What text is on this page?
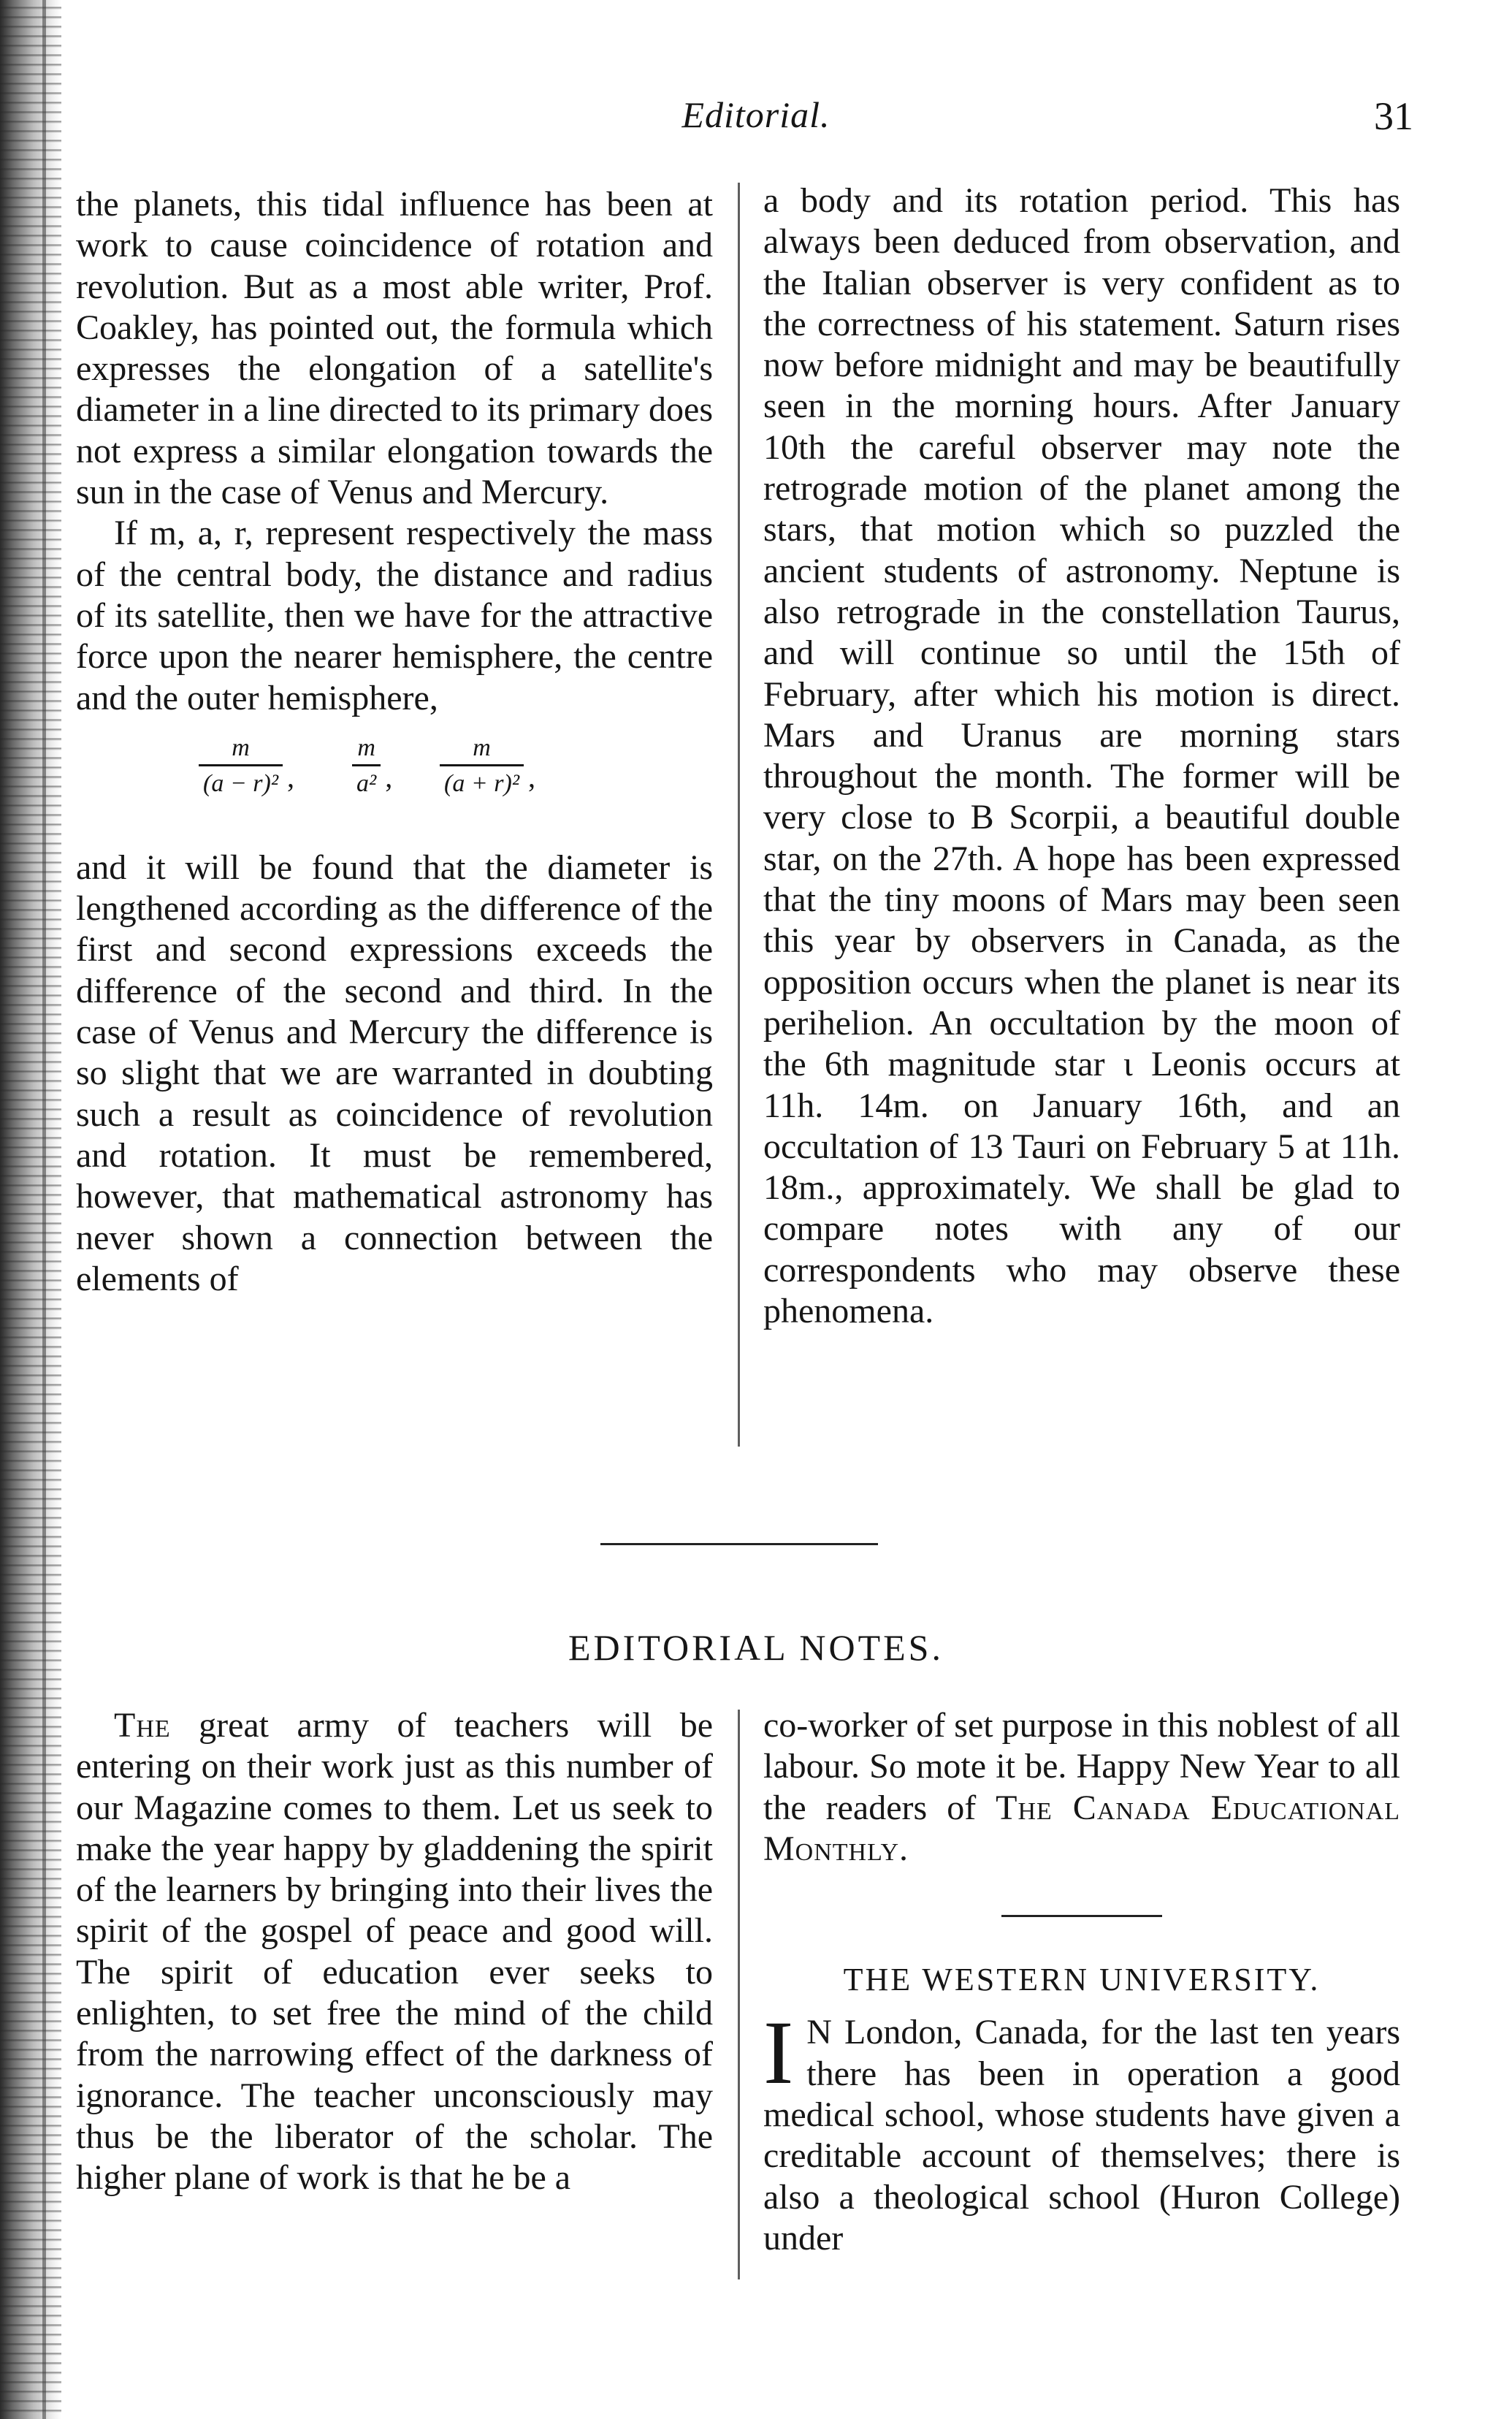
Editorial.	31

the planets, this tidal influence has been at work to cause coincidence of rotation and revolution. But as a most able writer, Prof. Coakley, has pointed out, the formula which expresses the elongation of a satellite's diameter in a line directed to its primary does not express a similar elongation towards the sun in the case of Venus and Mercury.

If m, a, r, represent respectively the mass of the central body, the distance and radius of its satellite, then we have for the attractive force upon the nearer hemisphere, the centre and the outer hemisphere,

m
(a − r)² ,
m
a² ,
m
(a + r)² ,

and it will be found that the diameter is lengthened according as the difference of the first and second expressions exceeds the difference of the second and third. In the case of Venus and Mercury the difference is so slight that we are warranted in doubting such a result as coincidence of revolution and rotation. It must be remembered, however, that mathematical astronomy has never shown a connection between the elements of

a body and its rotation period. This has always been deduced from observation, and the Italian observer is very confident as to the correctness of his statement. Saturn rises now before midnight and may be beautifully seen in the morning hours. After January 10th the careful observer may note the retrograde motion of the planet among the stars, that motion which so puzzled the ancient students of astronomy. Neptune is also retrograde in the constellation Taurus, and will continue so until the 15th of February, after which his motion is direct. Mars and Uranus are morning stars throughout the month. The former will be very close to B Scorpii, a beautiful double star, on the 27th. A hope has been expressed that the tiny moons of Mars may been seen this year by observers in Canada, as the opposition occurs when the planet is near its perihelion. An occultation by the moon of the 6th magnitude star ι Leonis occurs at 11h. 14m. on January 16th, and an occultation of 13 Tauri on February 5 at 11h. 18m., approximately. We shall be glad to compare notes with any of our correspondents who may observe these phenomena.

EDITORIAL NOTES.

The great army of teachers will be entering on their work just as this number of our Magazine comes to them. Let us seek to make the year happy by gladdening the spirit of the learners by bringing into their lives the spirit of the gospel of peace and good will. The spirit of education ever seeks to enlighten, to set free the mind of the child from the narrowing effect of the darkness of ignorance. The teacher unconsciously may thus be the liberator of the scholar. The higher plane of work is that he be a

co-worker of set purpose in this noblest of all labour. So mote it be. Happy New Year to all the readers of The Canada Educational Monthly.

THE WESTERN UNIVERSITY.

I N London, Canada, for the last ten years there has been in operation a good medical school, whose students have given a creditable account of themselves; there is also a theological school (Huron College) under
